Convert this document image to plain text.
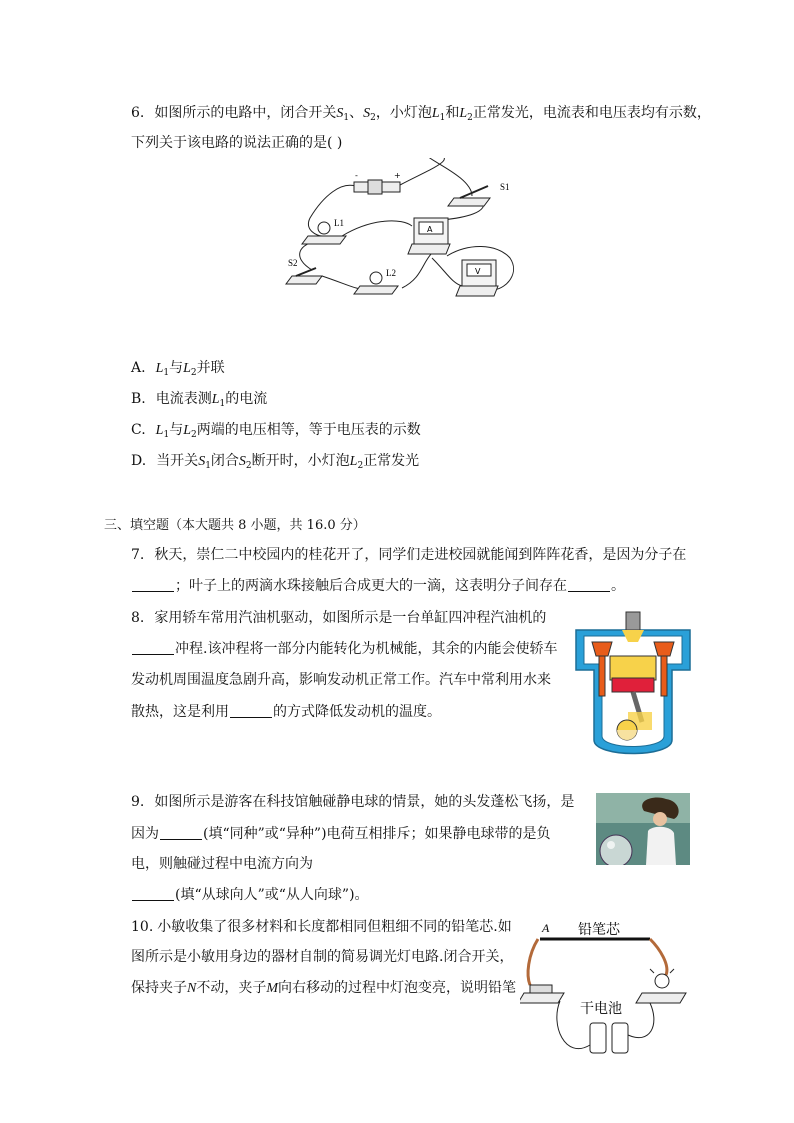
6. 如图所示的电路中，闭合开关$S_1$、$S_2$，小灯泡$L_1$和$L_2$正常发光，电流表和电压表均有示数，
下列关于该电路的说法正确的是( )
-	+
S1
L1
A
S2
L2	V
A. $L_1$与$L_2$并联
B. 电流表测$L_1$的电流
C. $L_1$与$L_2$两端的电压相等，等于电压表的示数
D. 当开关$S_1$闭合$S_2$断开时，小灯泡$L_2$正常发光
三、填空题（本大题共 8 小题，共 16.0 分）
7. 秋天，崇仁二中校园内的桂花开了，同学们走进校园就能闻到阵阵花香，是因为分子在
；叶子上的两滴水珠接触后合成更大的一滴，这表明分子间存在	。
8. 家用轿车常用汽油机驱动，如图所示是一台单缸四冲程汽油机的
冲程.该冲程将一部分内能转化为机械能，其余的内能会使轿车
发动机周围温度急剧升高，影响发动机正常工作。汽车中常利用水来
散热，这是利用	的方式降低发动机的温度。
9. 如图所示是游客在科技馆触碰静电球的情景，她的头发蓬松飞扬，是
因为	(填“同种”或“异种”)电荷互相排斥；如果静电球带的是负
电，则触碰过程中电流方向为
(填“从球向人”或“从人向球”)。
10. 小敏收集了很多材料和长度都相同但粗细不同的铅笔芯.如
图所示是小敏用身边的器材自制的简易调光灯电路.闭合开关，
保持夹子N不动，夹子M向右移动的过程中灯泡变亮，说明铅笔
A 铅笔芯
干电池
